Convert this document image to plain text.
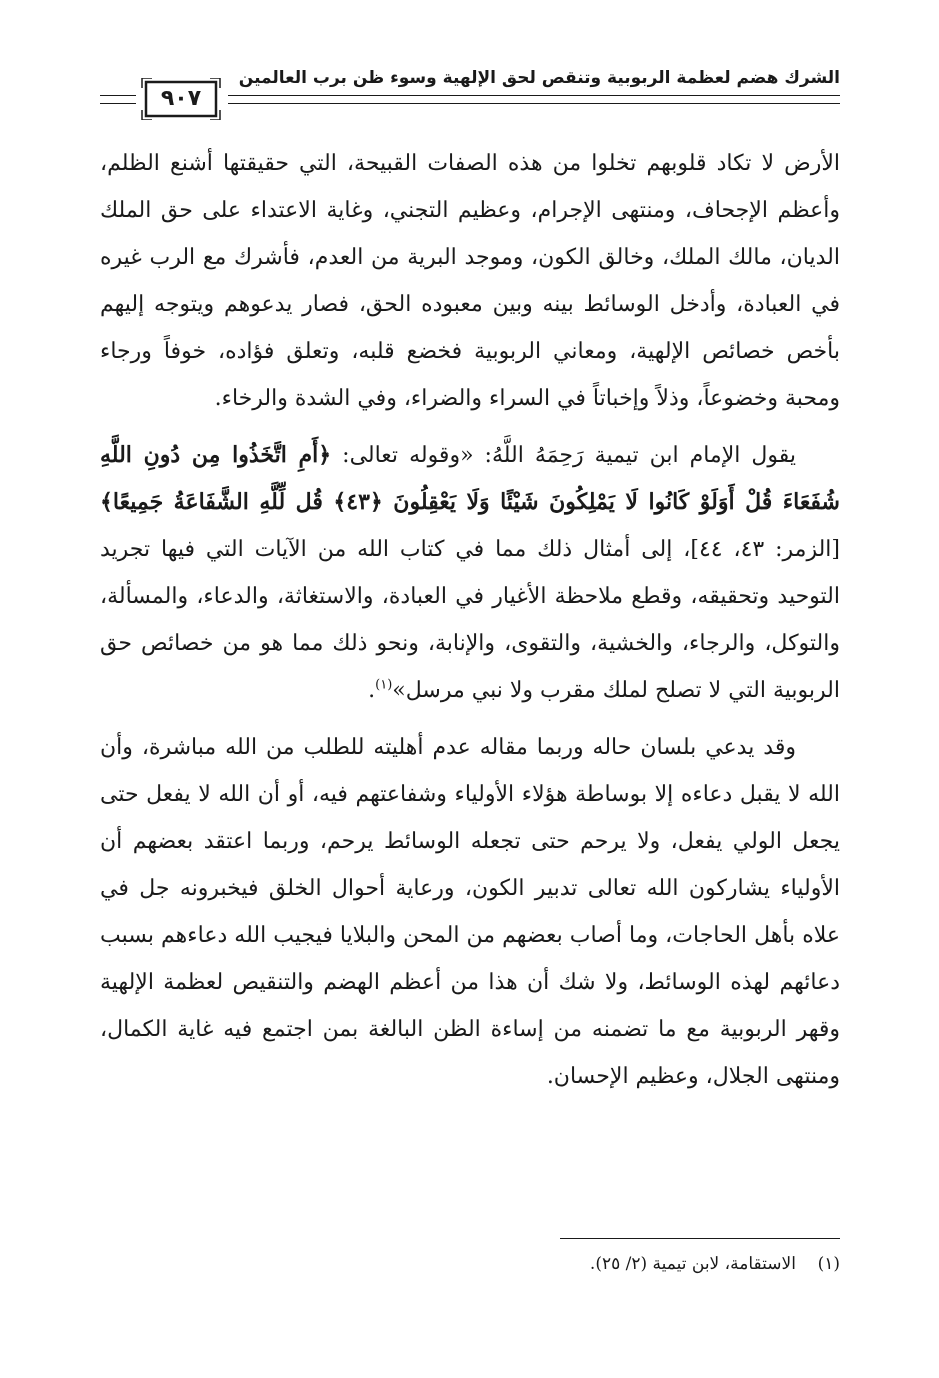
الشرك هضم لعظمة الربوبية وتنقص لحق الإلهية وسوء ظن برب العالمين
٩٠٧

الأرض لا تكاد قلوبهم تخلوا من هذه الصفات القبيحة، التي حقيقتها أشنع الظلم، وأعظم الإجحاف، ومنتهى الإجرام، وعظيم التجني، وغاية الاعتداء على حق الملك الديان، مالك الملك، وخالق الكون، وموجد البرية من العدم، فأشرك مع الرب غيره في العبادة، وأدخل الوسائط بينه وبين معبوده الحق، فصار يدعوهم ويتوجه إليهم بأخص خصائص الإلهية، ومعاني الربوبية فخضع قلبه، وتعلق فؤاده، خوفاً ورجاء ومحبة وخضوعاً، وذلاً وإخباتاً في السراء والضراء، وفي الشدة والرخاء.

يقول الإمام ابن تيمية رَحِمَهُ اللَّهُ: «وقوله تعالى: ﴿أَمِ اتَّخَذُوا مِن دُونِ اللَّهِ شُفَعَاءَ قُلْ أَوَلَوْ كَانُوا لَا يَمْلِكُونَ شَيْئًا وَلَا يَعْقِلُونَ ﴿٤٣﴾ قُل لِّلَّهِ الشَّفَاعَةُ جَمِيعًا﴾ [الزمر: ٤٣، ٤٤]، إلى أمثال ذلك مما في كتاب الله من الآيات التي فيها تجريد التوحيد وتحقيقه، وقطع ملاحظة الأغيار في العبادة، والاستغاثة، والدعاء، والمسألة، والتوكل، والرجاء، والخشية، والتقوى، والإنابة، ونحو ذلك مما هو من خصائص حق الربوبية التي لا تصلح لملك مقرب ولا نبي مرسل»$^{(١)}$.

وقد يدعي بلسان حاله وربما مقاله عدم أهليته للطلب من الله مباشرة، وأن الله لا يقبل دعاءه إلا بوساطة هؤلاء الأولياء وشفاعتهم فيه، أو أن الله لا يفعل حتى يجعل الولي يفعل، ولا يرحم حتى تجعله الوسائط يرحم، وربما اعتقد بعضهم أن الأولياء يشاركون الله تعالى تدبير الكون، ورعاية أحوال الخلق فيخبرونه جل في علاه بأهل الحاجات، وما أصاب بعضهم من المحن والبلايا فيجيب الله دعاءهم بسبب دعائهم لهذه الوسائط، ولا شك أن هذا من أعظم الهضم والتنقيص لعظمة الإلهية وقهر الربوبية مع ما تضمنه من إساءة الظن البالغة بمن اجتمع فيه غاية الكمال، ومنتهى الجلال، وعظيم الإحسان.

(١)    الاستقامة، لابن تيمية (٢/ ٢٥).
